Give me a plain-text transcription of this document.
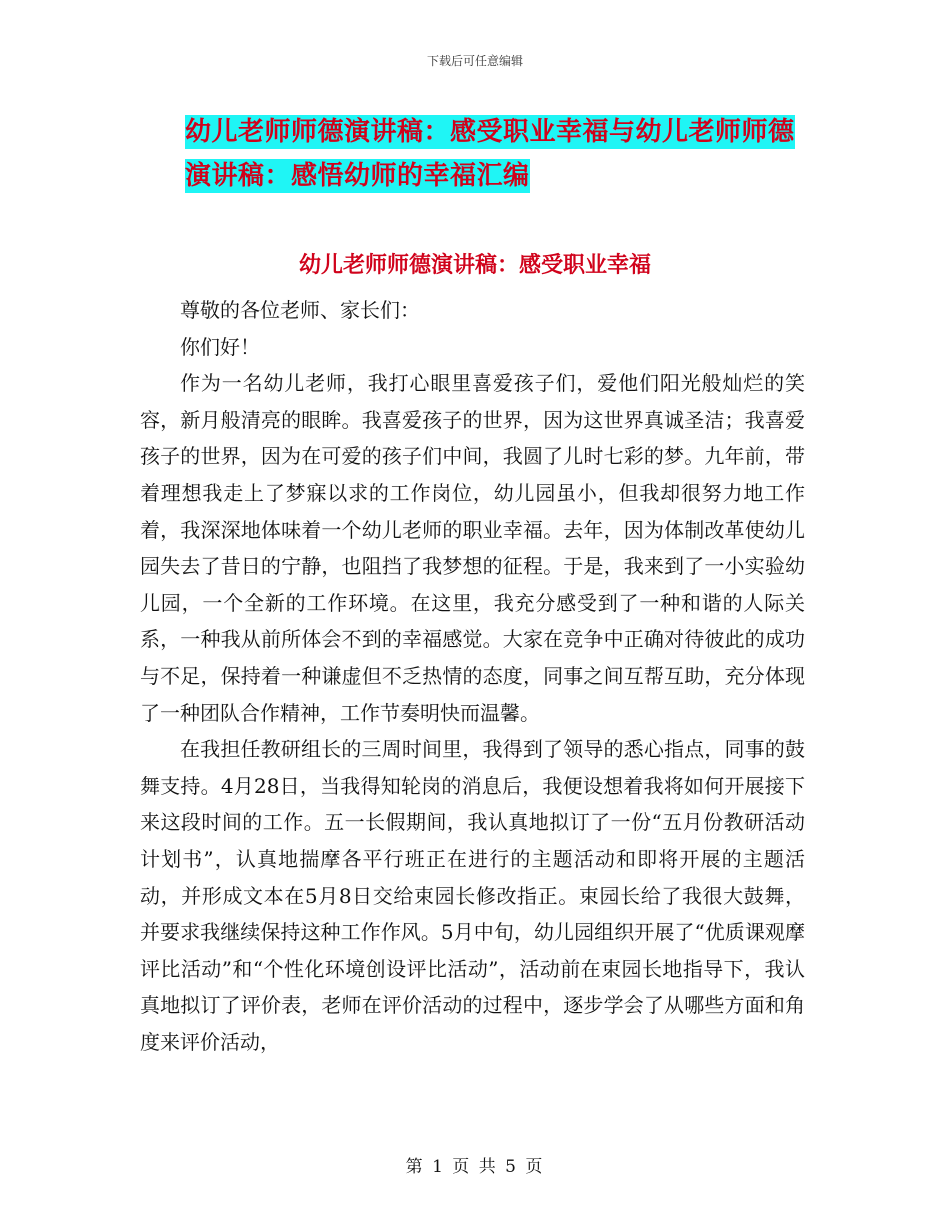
下载后可任意编辑
幼儿老师师德演讲稿：感受职业幸福与幼儿老师师德演讲稿：感悟幼师的幸福汇编
幼儿老师师德演讲稿：感受职业幸福

尊敬的各位老师、家长们：

你们好！

作为一名幼儿老师，我打心眼里喜爱孩子们，爱他们阳光般灿烂的笑容，新月般清亮的眼眸。我喜爱孩子的世界，因为这世界真诚圣洁；我喜爱孩子的世界，因为在可爱的孩子们中间，我圆了儿时七彩的梦。九年前，带着理想我走上了梦寐以求的工作岗位，幼儿园虽小，但我却很努力地工作着，我深深地体味着一个幼儿老师的职业幸福。去年，因为体制改革使幼儿园失去了昔日的宁静，也阻挡了我梦想的征程。于是，我来到了一小实验幼儿园，一个全新的工作环境。在这里，我充分感受到了一种和谐的人际关系，一种我从前所体会不到的幸福感觉。大家在竞争中正确对待彼此的成功与不足，保持着一种谦虚但不乏热情的态度，同事之间互帮互助，充分体现了一种团队合作精神，工作节奏明快而温馨。

在我担任教研组长的三周时间里，我得到了领导的悉心指点，同事的鼓舞支持。4月28日，当我得知轮岗的消息后，我便设想着我将如何开展接下来这段时间的工作。五一长假期间，我认真地拟订了一份“五月份教研活动计划书”，认真地揣摩各平行班正在进行的主题活动和即将开展的主题活动，并形成文本在5月8日交给束园长修改指正。束园长给了我很大鼓舞，并要求我继续保持这种工作作风。5月中旬，幼儿园组织开展了“优质课观摩评比活动”和“个性化环境创设评比活动”，活动前在束园长地指导下，我认真地拟订了评价表，老师在评价活动的过程中，逐步学会了从哪些方面和角度来评价活动，

第 1 页 共 5 页
